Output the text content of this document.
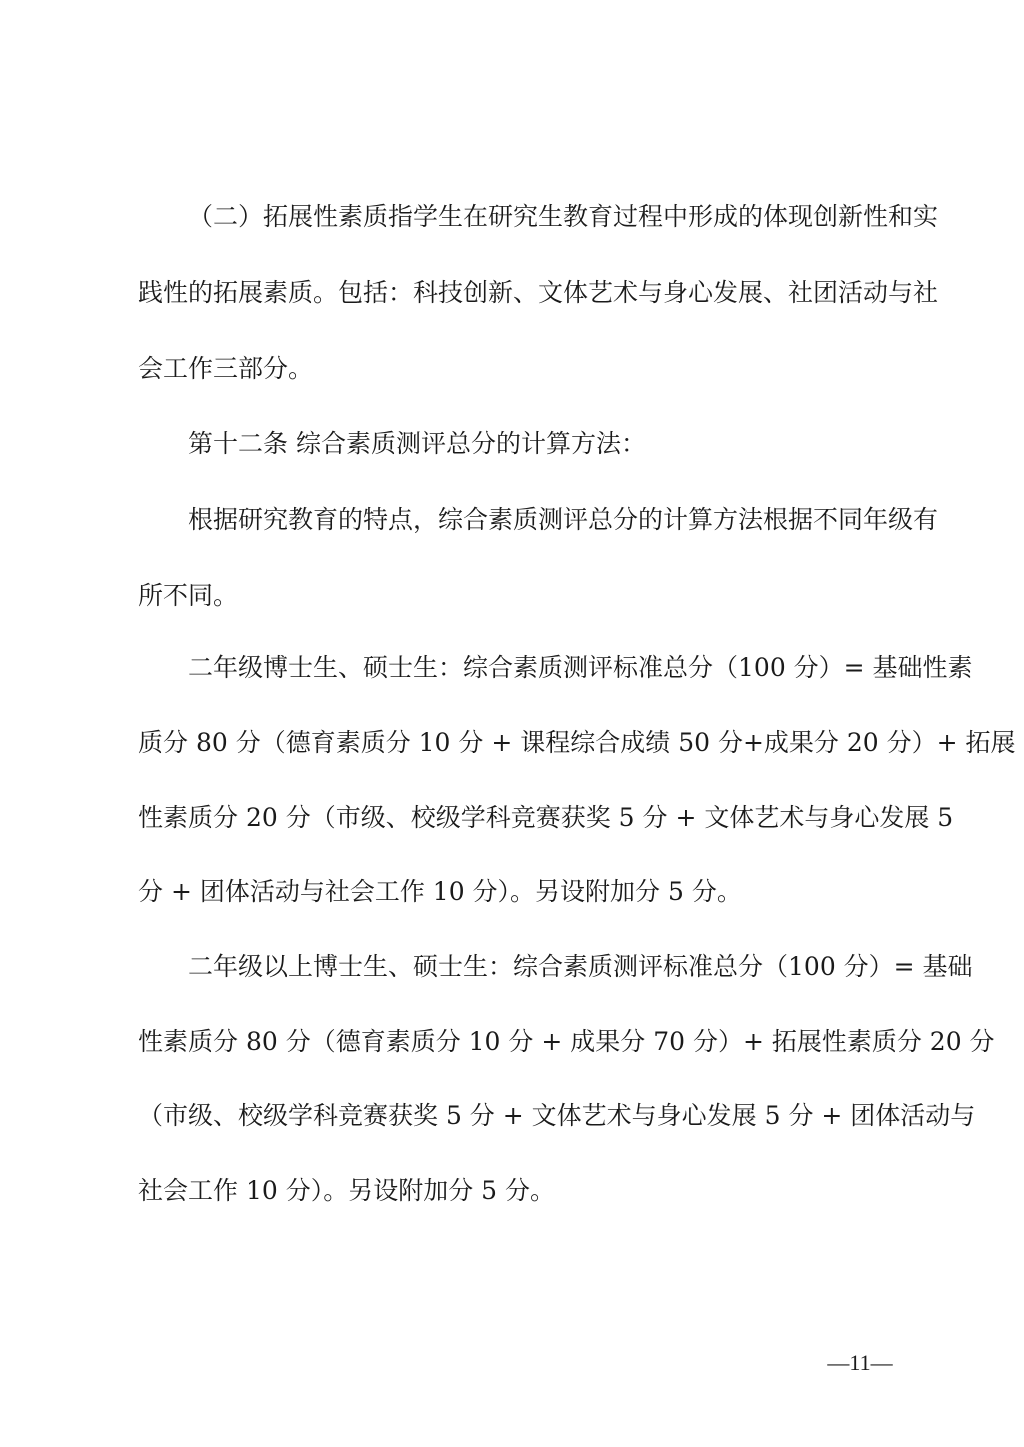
（二）拓展性素质指学生在研究生教育过程中形成的体现创新性和实
践性的拓展素质。包括：科技创新、文体艺术与身心发展、社团活动与社
会工作三部分。
第十二条 综合素质测评总分的计算方法：
根据研究教育的特点，综合素质测评总分的计算方法根据不同年级有
所不同。
二年级博士生、硕士生：综合素质测评标准总分（100 分）= 基础性素
质分 80 分（德育素质分 10 分 + 课程综合成绩 50 分+成果分 20 分）+ 拓展
性素质分 20 分（市级、校级学科竞赛获奖 5 分 + 文体艺术与身心发展 5
分 + 团体活动与社会工作 10 分）。另设附加分 5 分。
二年级以上博士生、硕士生：综合素质测评标准总分（100 分）= 基础
性素质分 80 分（德育素质分 10 分 + 成果分 70 分）+ 拓展性素质分 20 分
（市级、校级学科竞赛获奖 5 分 + 文体艺术与身心发展 5 分 + 团体活动与
社会工作 10 分）。另设附加分 5 分。
—11—
